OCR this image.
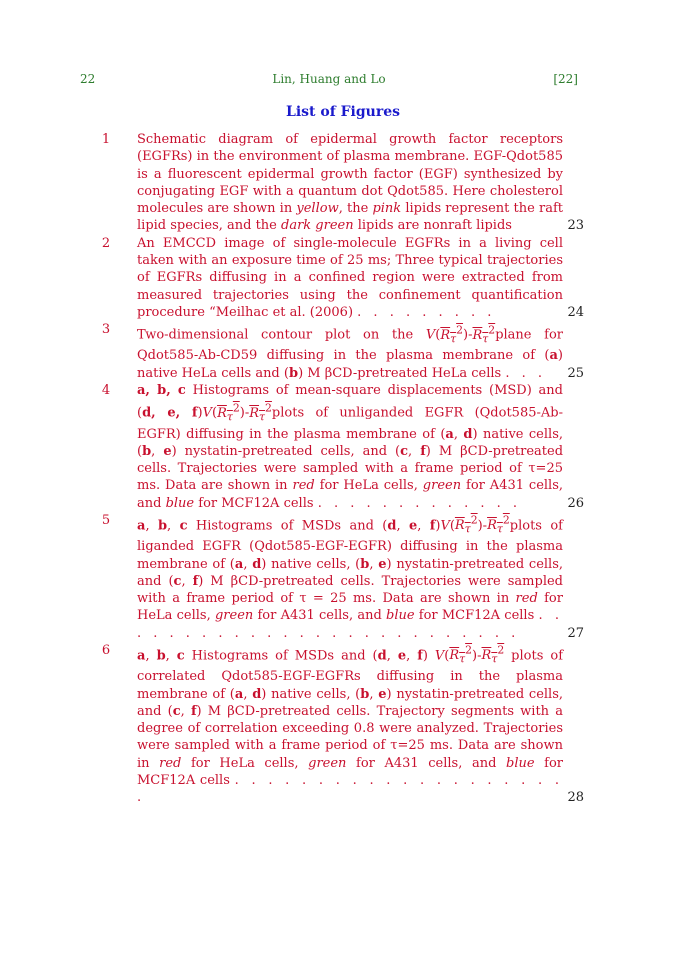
22	Lin, Huang and Lo	[22]
List of Figures
1	Schematic diagram of epidermal growth factor receptors (EGFRs) in the environment of plasma membrane. EGF-Qdot585 is a fluorescent epidermal growth factor (EGF) synthesized by conjugating EGF with a quantum dot Qdot585. Here cholesterol molecules are shown in yellow, the pink lipids represent the raft lipid species, and the dark green lipids are nonraft lipids	23
2	An EMCCD image of single-molecule EGFRs in a living cell taken with an exposure time of 25 ms; Three typical trajectories of EGFRs diffusing in a confined region were extracted from measured trajectories using the confinement quantification procedure “Meilhac et al. (2006) . . . . . . . . .	24
3	Two-dimensional contour plot on the $V(R_\tau^2)-R_\tau^2plane$ for Qdot585-Ab-CD59 diffusing in the plasma membrane of (a) native HeLa cells and (b) M βCD-pretreated HeLa cells . . .	25
4	a, b, c Histograms of mean-square displacements (MSD) and (d, e, $f)V(R_\tau^2)-R_\tau^2plots$ of unliganded EGFR (Qdot585-Ab-EGFR) diffusing in the plasma membrane of (a, d) native cells, (b, e) nystatin-pretreated cells, and (c, f) M βCD-pretreated cells. Trajectories were sampled with a frame period of τ=25 ms. Data are shown in red for HeLa cells, green for A431 cells, and blue for MCF12A cells . . . . . . . . . . . . .	26
5	a, b, c Histograms of MSDs and (d, e, $f)V(R_\tau^2)-R_\tau^2plots$ of liganded EGFR (Qdot585-EGF-EGFR) diffusing in the plasma membrane of (a, d) native cells, (b, e) nystatin-pretreated cells, and (c, f) M βCD-pretreated cells. Trajectories were sampled with a frame period of τ = 25 ms. Data are shown in red for HeLa cells, green for A431 cells, and blue for MCF12A cells . . . . . . . . . . . . . . . . . . . . . . . . . .	27
6	a, b, c Histograms of MSDs and (d, e, f) $V(R_\tau^2)-R_\tau^2$ plots of correlated Qdot585-EGF-EGFRs diffusing in the plasma membrane of (a, d) native cells, (b, e) nystatin-pretreated cells, and (c, f) M βCD-pretreated cells. Trajectory segments with a degree of correlation exceeding 0.8 were analyzed. Trajectories were sampled with a frame period of τ=25 ms. Data are shown in red for HeLa cells, green for A431 cells, and blue for MCF12A cells . . . . . . . . . . . . . . . . . . . . .	28
